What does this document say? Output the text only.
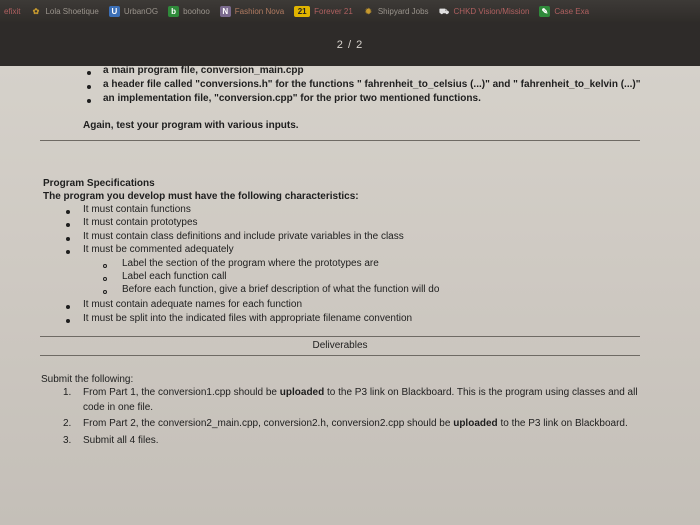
efixit ✿ Lola Shoetique	U UrbanOG	b boohoo	N Fashion Nova	21 Forever 21 ✹ Shipyard Jobs ⛟ CHKD Vision/Mission ✎ Case Exa
2 / 2
a main program file, conversion_main.cpp
a header file called "conversions.h" for the functions " fahrenheit_to_celsius (...)" and " fahrenheit_to_kelvin (...)"
an implementation file, "conversion.cpp" for the prior two mentioned functions.
Again, test your program with various inputs.
Program Specifications
The program you develop must have the following characteristics:
It must contain functions
It must contain prototypes
It must contain class definitions and include private variables in the class
It must be commented adequately
Label the section of the program where the prototypes are
Label each function call
Before each function, give a brief description of what the function will do
It must contain adequate names for each function
It must be split into the indicated files with appropriate filename convention
Deliverables
Submit the following:
1. From Part 1, the conversion1.cpp should be uploaded to the P3 link on Blackboard. This is the program using classes and all
code in one file.
2. From Part 2, the conversion2_main.cpp, conversion2.h, conversion2.cpp should be uploaded to the P3 link on Blackboard.
3. Submit all 4 files.
